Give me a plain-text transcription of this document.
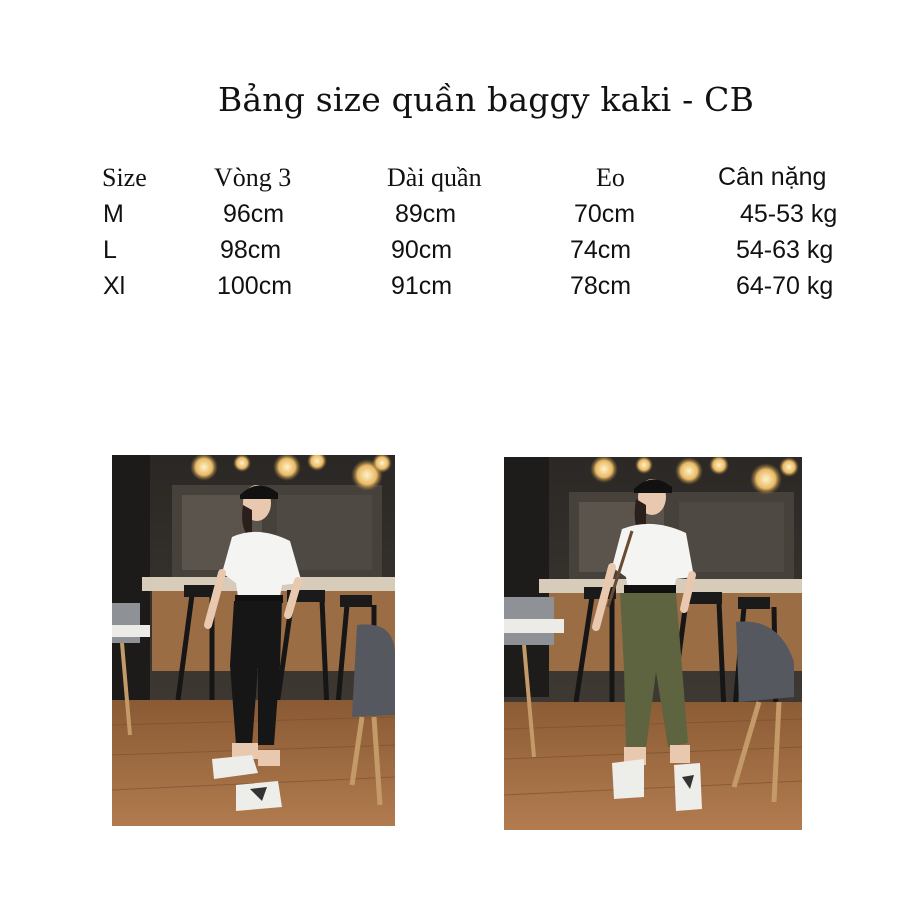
Bảng size quần baggy kaki - CB
Size	Vòng 3	Dài quần	Eo	Cân nặng
M	96cm	89cm	70cm	45-53 kg
L	98cm	90cm	74cm	54-63 kg
Xl	100cm	91cm	78cm	64-70 kg
